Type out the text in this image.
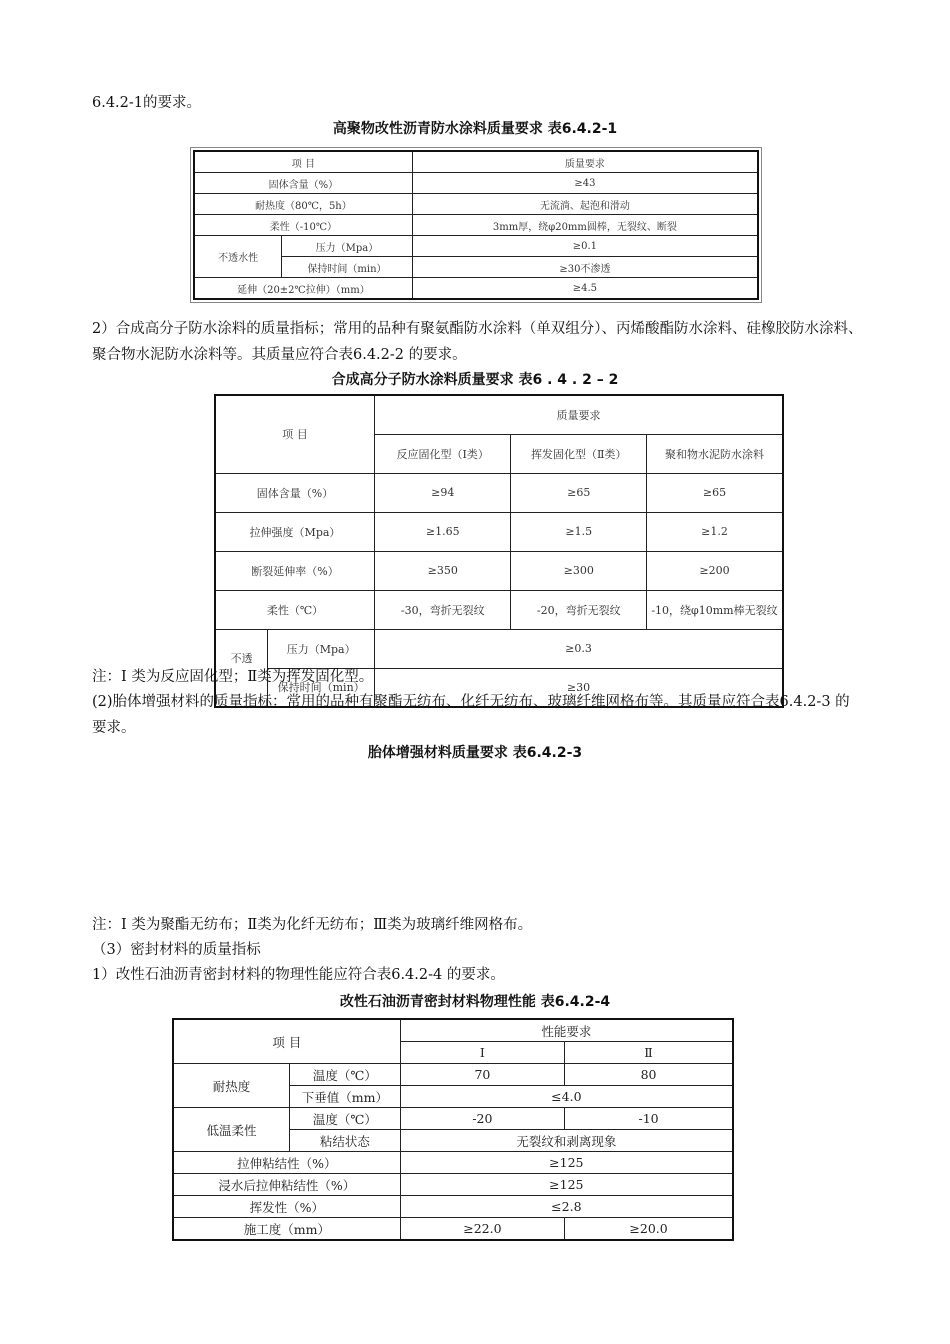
6.4.2-1的要求。
高聚物改性沥青防水涂料质量要求 表6.4.2-1
项 目		质量要求
固体含量（%）		≥43
耐热度（80℃，5h）		无流淌、起泡和滑动
柔性（-10℃）		3mm厚，绕φ20mm圆棒，无裂纹、断裂
不透水性	压力（Mpa）	≥0.1
	保持时间（min）	≥30不渗透
延伸（20±2℃拉伸）（mm）		≥4.5
2）合成高分子防水涂料的质量指标；常用的品种有聚氨酯防水涂料（单双组分）、丙烯酸酯防水涂料、硅橡胶防水涂料、聚合物水泥防水涂料等。其质量应符合表6.4.2-2 的要求。
合成高分子防水涂料质量要求 表6 . 4 . 2 – 2
项 目		质量要求		
		反应固化型（I类）	挥发固化型（Ⅱ类）	聚和物水泥防水涂料
固体含量（%）		≥94	≥65	≥65
拉伸强度（Mpa）		≥1.65	≥1.5	≥1.2
断裂延伸率（%）		≥350	≥300	≥200
柔性（℃）		-30，弯折无裂纹	-20，弯折无裂纹	-10，绕φ10mm棒无裂纹
不透	压力（Mpa）	≥0.3		
	保持时间（min）	≥30		
注：I 类为反应固化型；Ⅱ类为挥发固化型。
(2)胎体增强材料的质量指标：常用的品种有聚酯无纺布、化纤无纺布、玻璃纤维网格布等。其质量应符合表6.4.2-3 的要求。
胎体增强材料质量要求 表6.4.2-3
注：I 类为聚酯无纺布；Ⅱ类为化纤无纺布；Ⅲ类为玻璃纤维网格布。
（3）密封材料的质量指标
1）改性石油沥青密封材料的物理性能应符合表6.4.2-4 的要求。
改性石油沥青密封材料物理性能 表6.4.2-4
项 目		性能要求	
		I	Ⅱ
耐热度	温度（℃）	70	80
	下垂值（mm）	≤4.0	
低温柔性	温度（℃）	-20	-10
	粘结状态	无裂纹和剥离现象	
拉伸粘结性（%）		≥125	
浸水后拉伸粘结性（%）		≥125	
挥发性（%）		≤2.8	
施工度（mm）		≥22.0	≥20.0
